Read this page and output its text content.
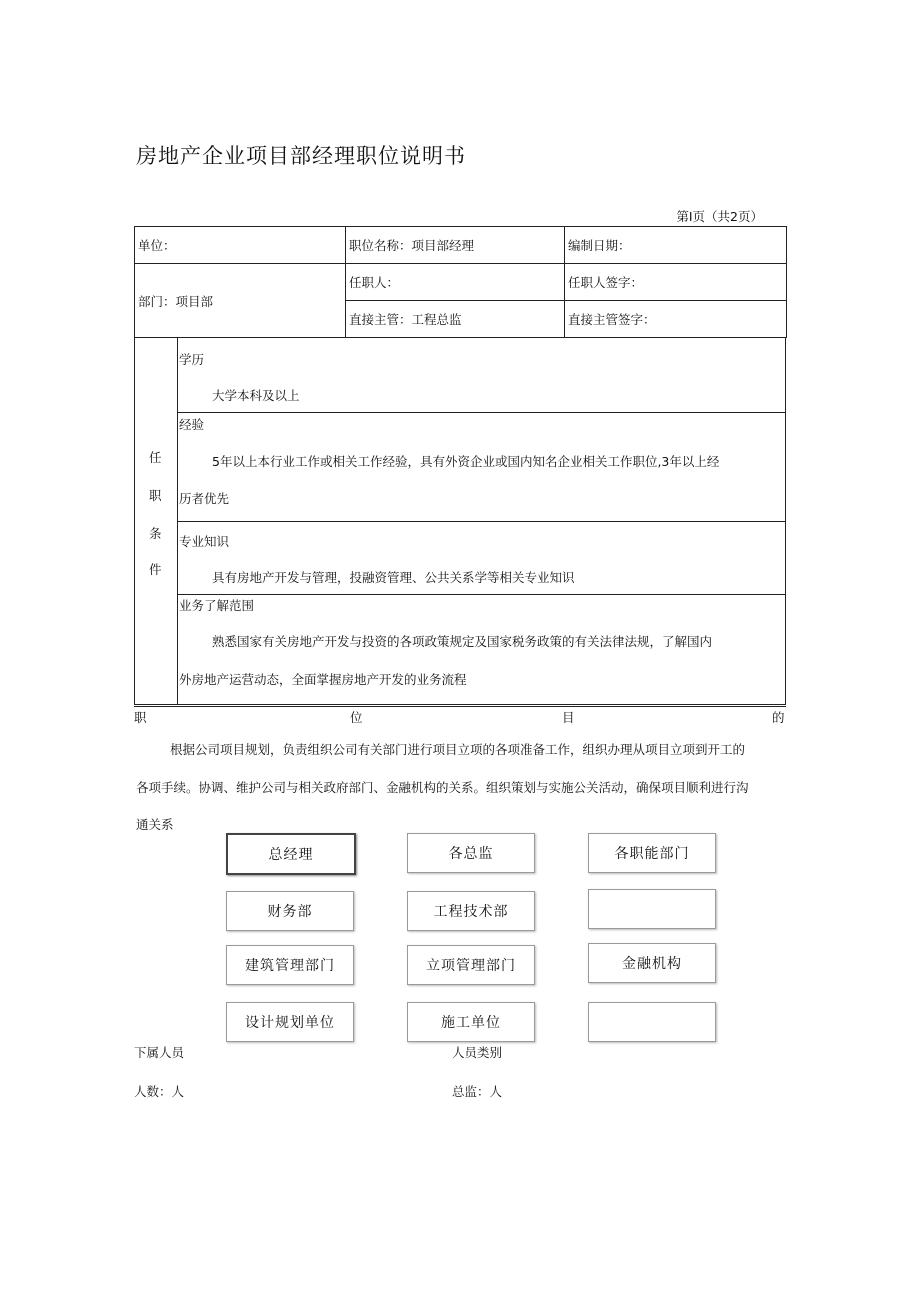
房地产企业项目部经理职位说明书
第I页（共2页）
单位：	职位名称：项目部经理	编制日期：
部门：项目部	任职人：	任职人签字：
	直接主管：工程总监	直接主管签字：
任
职
条
件
学历
大学本科及以上
经验
5年以上本行业工作或相关工作经验，具有外资企业或国内知名企业相关工作职位,3年以上经
历者优先
专业知识
具有房地产开发与管理，投融资管理、公共关系学等相关专业知识
业务了解范围
熟悉国家有关房地产开发与投资的各项政策规定及国家税务政策的有关法律法规，了解国内
外房地产运营动态，全面掌握房地产开发的业务流程
职	位	目	的
根据公司项目规划，负责组织公司有关部门进行项目立项的各项准备工作，组织办理从项目立项到开工的
各项手续。协调、维护公司与相关政府部门、金融机构的关系。组织策划与实施公关活动，确保项目顺利进行沟
通关系
总经理	各总监	各职能部门
财务部	工程技术部
建筑管理部门	立项管理部门	金融机构
设计规划单位	施工单位
下属人员	人员类别
人数：人	总监：人
